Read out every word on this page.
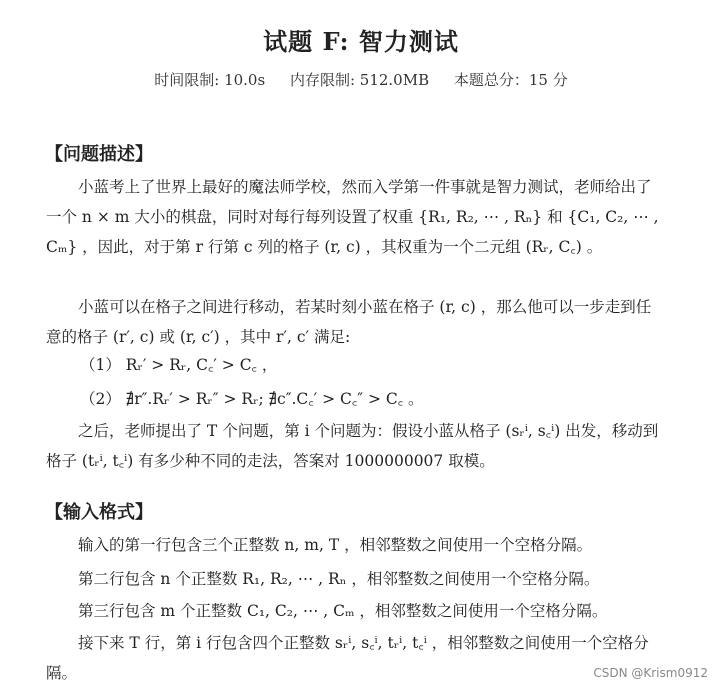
试题 F: 智力测试
时间限制: 10.0s 内存限制: 512.0MB 本题总分：15 分
【问题描述】

小蓝考上了世界上最好的魔法师学校，然而入学第一件事就是智力测试，老师给出了一个 n × m 大小的棋盘，同时对每行每列设置了权重 {R₁, R₂, ⋯ , Rₙ} 和 {C₁, C₂, ⋯ , Cₘ} ，因此，对于第 r 行第 c 列的格子 (r, c) ，其权重为一个二元组 (Rᵣ, C꜀) 。

小蓝可以在格子之间进行移动，若某时刻小蓝在格子 (r, c) ，那么他可以一步走到任意的格子 (r′, c) 或 (r, c′) ，其中 r′, c′ 满足:

（1） Rᵣ′ > Rᵣ, C꜀′ > C꜀ ，
（2） ∄r″.Rᵣ′ > Rᵣ″ > Rᵣ; ∄c″.C꜀′ > C꜀″ > C꜀ 。

之后，老师提出了 T 个问题，第 i 个问题为：假设小蓝从格子 (sᵣⁱ, s꜀ⁱ) 出发，移动到格子 (tᵣⁱ, t꜀ⁱ) 有多少种不同的走法，答案对 1000000007 取模。

【输入格式】

输入的第一行包含三个正整数 n, m, T ，相邻整数之间使用一个空格分隔。

第二行包含 n 个正整数 R₁, R₂, ⋯ , Rₙ ，相邻整数之间使用一个空格分隔。

第三行包含 m 个正整数 C₁, C₂, ⋯ , Cₘ ，相邻整数之间使用一个空格分隔。

接下来 T 行，第 i 行包含四个正整数 sᵣⁱ, s꜀ⁱ, tᵣⁱ, t꜀ⁱ ，相邻整数之间使用一个空格分隔。	CSDN @Krism0912
